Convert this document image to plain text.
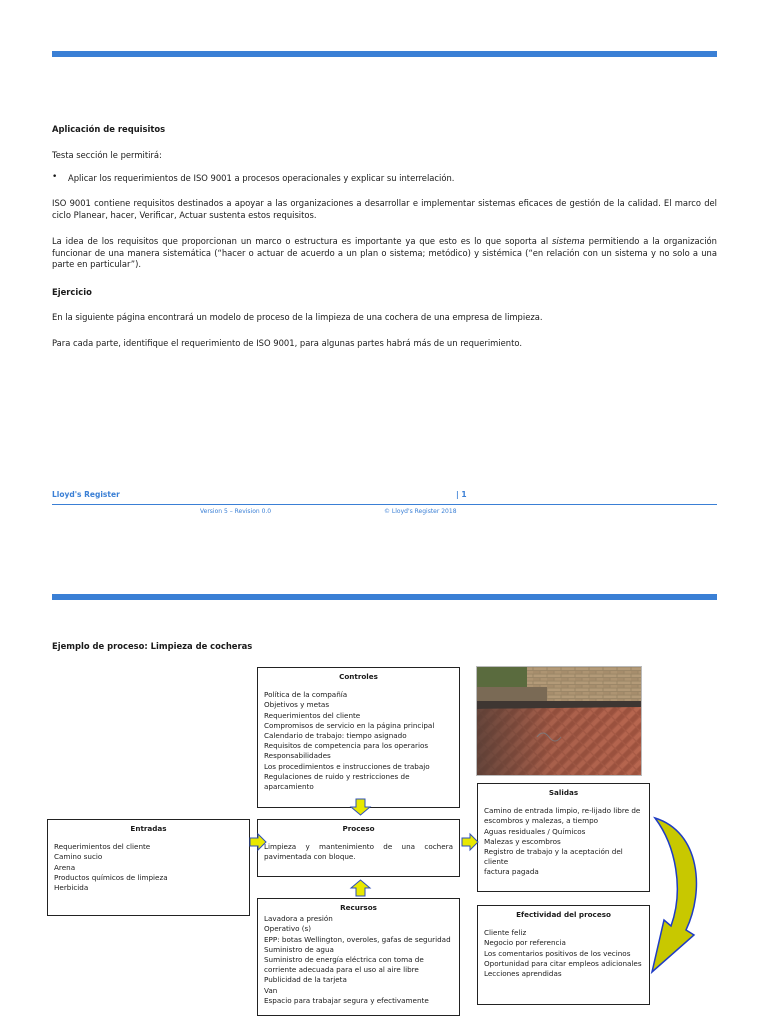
Aplicación de requisitos
Testa sección le permitirá:
• Aplicar los requerimientos de ISO 9001 a procesos operacionales y explicar su interrelación.
ISO 9001 contiene requisitos destinados a apoyar a las organizaciones a desarrollar e implementar sistemas eficaces de gestión de la calidad. El marco del ciclo Planear, hacer, Verificar, Actuar sustenta estos requisitos.
La idea de los requisitos que proporcionan un marco o estructura es importante ya que esto es lo que soporta al sistema permitiendo a la organización funcionar de una manera sistemática (“hacer o actuar de acuerdo a un plan o sistema; metódico) y sistémica (“en relación con un sistema y no solo a una parte en particular”).
Ejercicio
En la siguiente página encontrará un modelo de proceso de la limpieza de una cochera de una empresa de limpieza.
Para cada parte, identifique el requerimiento de ISO 9001, para algunas partes habrá más de un requerimiento.
Lloyd's Register	| 1
Version 5 – Revision 0.0	© Lloyd's Register 2018
Ejemplo de proceso: Limpieza de cocheras
Controles
Política de la compañía
Objetivos y metas
Requerimientos del cliente
Compromisos de servicio en la página principal
Calendario de trabajo: tiempo asignado
Requisitos de competencia para los operarios
Responsabilidades
Los procedimientos e instrucciones de trabajo
Regulaciones de ruido y restricciones de aparcamiento
Entradas
Requerimientos del cliente
Camino sucio
Arena
Productos químicos de limpieza
Herbicida
Proceso
Limpieza y mantenimiento de una cochera pavimentada con bloque.
Recursos
Lavadora a presión
Operativo (s)
EPP: botas Wellington, overoles, gafas de seguridad
Suministro de agua
Suministro de energía eléctrica con toma de corriente adecuada para el uso al aire libre
Publicidad de la tarjeta
Van
Espacio para trabajar segura y efectivamente
Salidas
Camino de entrada limpio, re-lijado libre de escombros y malezas, a tiempo
Aguas residuales / Químicos
Malezas y escombros
Registro de trabajo y la aceptación del cliente
factura pagada
Efectividad del proceso
Cliente feliz
Negocio por referencia
Los comentarios positivos de los vecinos
Oportunidad para citar empleos adicionales
Lecciones aprendidas
